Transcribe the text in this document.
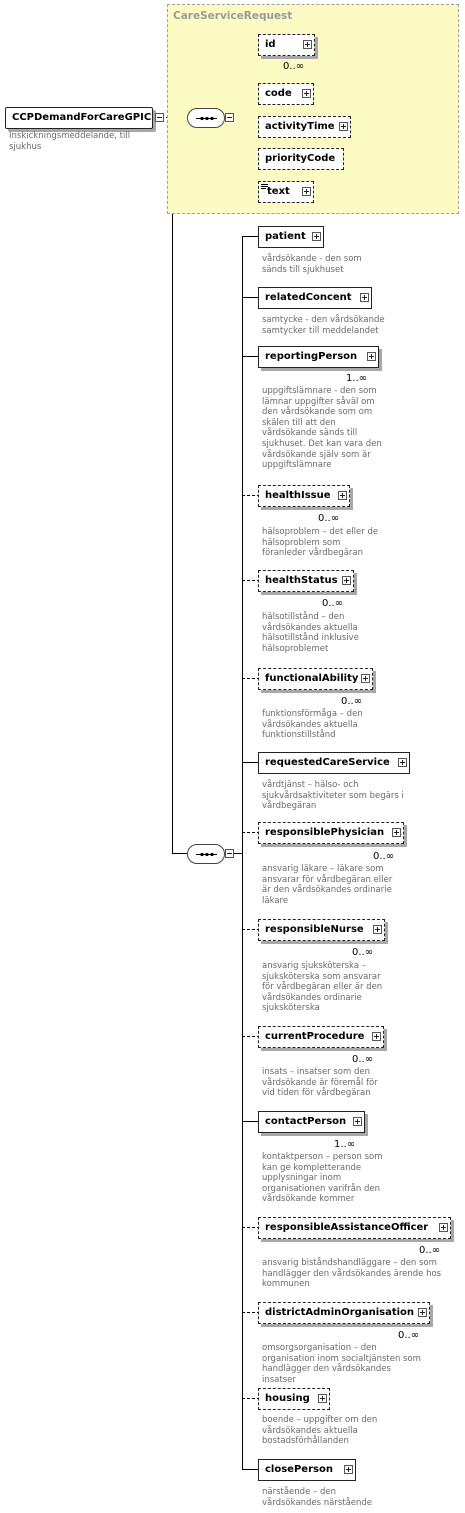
CareServiceRequest
CCPDemandForCareGPIC
Inskickningsmeddelande, till sjukhus
id
0..∞
code
activityTime
priorityCode
text
patient
vårdsökande - den som sänds till sjukhuset
relatedConcent
samtycke - den vårdsökande samtycker till meddelandet
reportingPerson
1..∞
uppgiftslämnare - den som lämnar uppgifter såväl om den vårdsökande som om skälen till att den vårdsökande sänds till sjukhuset. Det kan vara den vårdsökande själv som är uppgiftslämnare
healthIssue
0..∞
hälsoproblem – det eller de hälsoproblem som föranleder vårdbegäran
healthStatus
0..∞
hälsotillstånd – den vårdsökandes aktuella hälsotillstånd inklusive hälsoproblemet
functionalAbility
0..∞
funktionsförmåga – den vårdsökandes aktuella funktionstillstånd
requestedCareService
vårdtjänst – hälso- och sjukvårdsaktiviteter som begärs i vårdbegäran
responsiblePhysician
0..∞
ansvarig läkare – läkare som ansvarar för vårdbegäran eller är den vårdsökandes ordinarie läkare
responsibleNurse
0..∞
ansvarig sjuksköterska – sjuksköterska som ansvarar för vårdbegäran eller är den vårdsökandes ordinarie sjuksköterska
currentProcedure
0..∞
insats – insatser som den vårdsökande är föremål för vid tiden för vårdbegäran
contactPerson
1..∞
kontaktperson – person som kan ge kompletterande upplysningar inom organisationen varifrån den vårdsökande kommer
responsibleAssistanceOfficer
0..∞
ansvarig biståndshandläggare – den som handlägger den vårdsökandes ärende hos kommunen
districtAdminOrganisation
0..∞
omsorgsorganisation – den organisation inom socialtjänsten som handlägger den vårdsökandes insatser
housing
boende – uppgifter om den vårdsökandes aktuella bostadsförhållanden
closePerson
närstående – den vårdsökandes närstående
